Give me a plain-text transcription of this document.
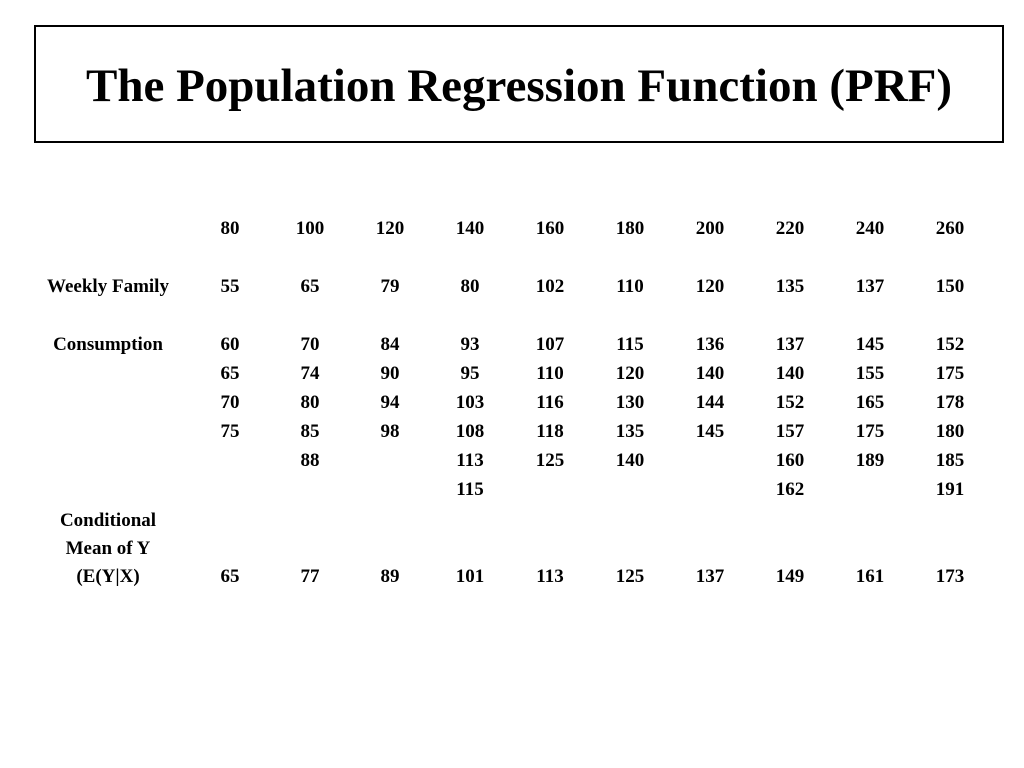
The Population Regression Function (PRF)
Weekly Family
Consumption
Conditional
Mean of Y
(E(Y|X)
80
55
60
65
70
75
65
100
65
70
74
80
85
88
77
120
79
84
90
94
98
89
140
80
93
95
103
108
113
115
101
160
102
107
110
116
118
125
113
180
110
115
120
130
135
140
125
200
120
136
140
144
145
137
220
135
137
140
152
157
160
162
149
240
137
145
155
165
175
189
161
260
150
152
175
178
180
185
191
173
